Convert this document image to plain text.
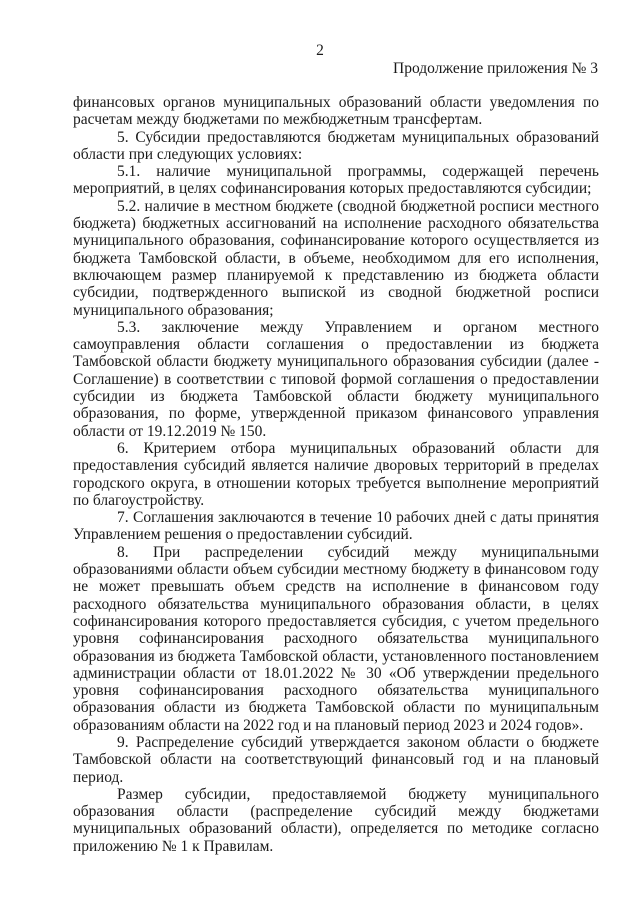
2
Продолжение приложения № 3

финансовых органов муниципальных образований области уведомления по расчетам между бюджетами по межбюджетным трансфертам.

5. Субсидии предоставляются бюджетам муниципальных образований области при следующих условиях:

5.1. наличие муниципальной программы, содержащей перечень мероприятий, в целях софинансирования которых предоставляются субсидии;

5.2. наличие в местном бюджете (сводной бюджетной росписи местного бюджета) бюджетных ассигнований на исполнение расходного обязательства муниципального образования, софинансирование которого осуществляется из бюджета Тамбовской области, в объеме, необходимом для его исполнения, включающем размер планируемой к представлению из бюджета области субсидии, подтвержденного выпиской из сводной бюджетной росписи муниципального образования;

5.3. заключение между Управлением и органом местного самоуправления области соглашения о предоставлении из бюджета Тамбовской области бюджету муниципального образования субсидии (далее - Соглашение) в соответствии с типовой формой соглашения о предоставлении субсидии из бюджета Тамбовской области бюджету муниципального образования, по форме, утвержденной приказом финансового управления области от 19.12.2019 № 150.

6. Критерием отбора муниципальных образований области для предоставления субсидий является наличие дворовых территорий в пределах городского округа, в отношении которых требуется выполнение мероприятий по благоустройству.

7. Соглашения заключаются в течение 10 рабочих дней с даты принятия Управлением решения о предоставлении субсидий.

8. При распределении субсидий между муниципальными образованиями области объем субсидии местному бюджету в финансовом году не может превышать объем средств на исполнение в финансовом году расходного обязательства муниципального образования области, в целях софинансирования которого предоставляется субсидия, с учетом предельного уровня софинансирования расходного обязательства муниципального образования из бюджета Тамбовской области, установленного постановлением администрации области от 18.01.2022 № 30 «Об утверждении предельного уровня софинансирования расходного обязательства муниципального образования области из бюджета Тамбовской области по муниципальным образованиям области на 2022 год и на плановый период 2023 и 2024 годов».

9. Распределение субсидий утверждается законом области о бюджете Тамбовской области на соответствующий финансовый год и на плановый период.

Размер субсидии, предоставляемой бюджету муниципального образования области (распределение субсидий между бюджетами муниципальных образований области), определяется по методике согласно приложению № 1 к Правилам.
